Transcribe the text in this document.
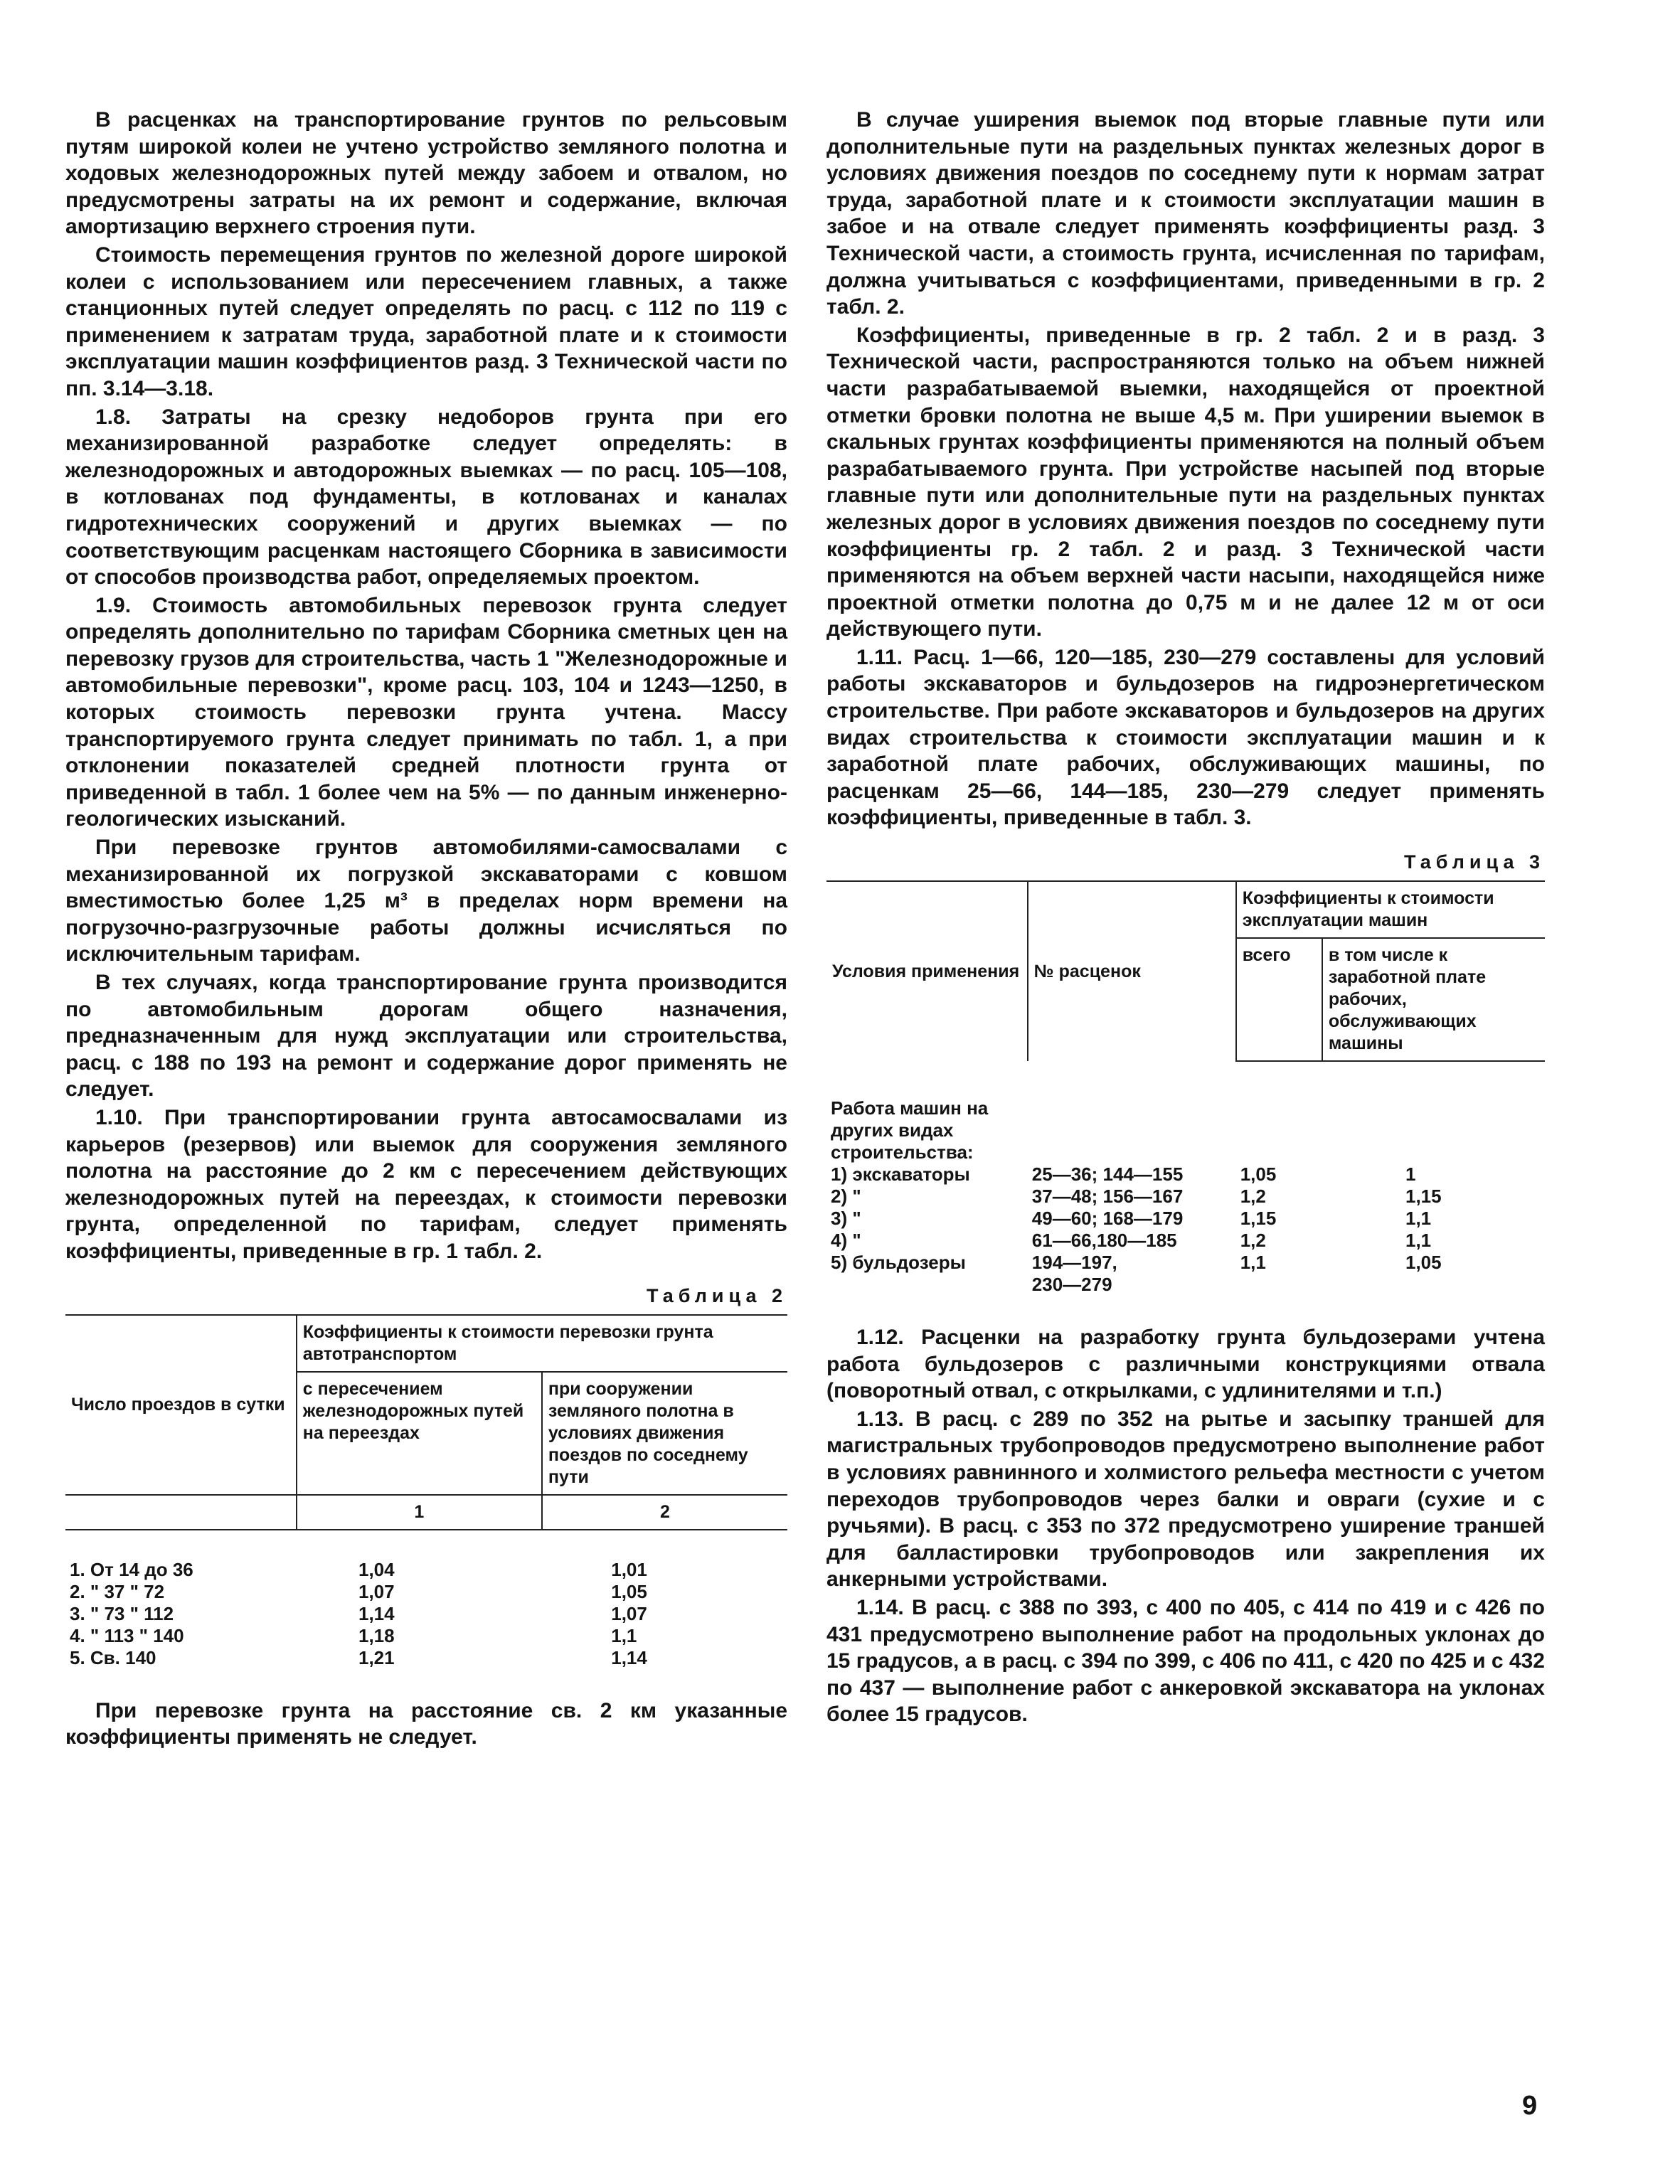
В расценках на транспортирование грунтов по рельсовым путям широкой колеи не учтено устройство земляного полотна и ходовых железнодорожных путей между забоем и отвалом, но предусмотрены затраты на их ремонт и содержание, включая амортизацию верхнего строения пути.

Стоимость перемещения грунтов по железной дороге широкой колеи с использованием или пересечением главных, а также станционных путей следует определять по расц. с 112 по 119 с применением к затратам труда, заработной плате и к стоимости эксплуатации машин коэффициентов разд. 3 Технической части по пп. 3.14—3.18.

1.8. Затраты на срезку недоборов грунта при его механизированной разработке следует определять: в железнодорожных и автодорожных выемках — по расц. 105—108, в котлованах под фундаменты, в котлованах и каналах гидротехнических сооружений и других выемках — по соответствующим расценкам настоящего Сборника в зависимости от способов производства работ, определяемых проектом.

1.9. Стоимость автомобильных перевозок грунта следует определять дополнительно по тарифам Сборника сметных цен на перевозку грузов для строительства, часть 1 "Железнодорожные и автомобильные перевозки", кроме расц. 103, 104 и 1243—1250, в которых стоимость перевозки грунта учтена. Массу транспортируемого грунта следует принимать по табл. 1, а при отклонении показателей средней плотности грунта от приведенной в табл. 1 более чем на 5% — по данным инженерно-геологических изысканий.

При перевозке грунтов автомобилями-самосвалами с механизированной их погрузкой экскаваторами с ковшом вместимостью более 1,25 м³ в пределах норм времени на погрузочно-разгрузочные работы должны исчисляться по исключительным тарифам.

В тех случаях, когда транспортирование грунта производится по автомобильным дорогам общего назначения, предназначенным для нужд эксплуатации или строительства, расц. с 188 по 193 на ремонт и содержание дорог применять не следует.

1.10. При транспортировании грунта автосамосвалами из карьеров (резервов) или выемок для сооружения земляного полотна на расстояние до 2 км с пересечением действующих железнодорожных путей на переездах, к стоимости перевозки грунта, определенной по тарифам, следует применять коэффициенты, приведенные в гр. 1 табл. 2.

Таблица 2
Число проездов в сутки	Коэффициенты к стоимости перевозки грунта автотранспортом	
	с пересечением железнодорожных путей на переездах	при сооружении земляного полотна в условиях движения поездов по соседнему пути
	1	2
1. От 14 до 36	1,04	1,01
2. " 37 " 72	1,07	1,05
3. " 73 " 112	1,14	1,07
4. " 113 " 140	1,18	1,1
5. Св. 140	1,21	1,14

При перевозке грунта на расстояние св. 2 км указанные коэффициенты применять не следует.

В случае уширения выемок под вторые главные пути или дополнительные пути на раздельных пунктах железных дорог в условиях движения поездов по соседнему пути к нормам затрат труда, заработной плате и к стоимости эксплуатации машин в забое и на отвале следует применять коэффициенты разд. 3 Технической части, а стоимость грунта, исчисленная по тарифам, должна учитываться с коэффициентами, приведенными в гр. 2 табл. 2.

Коэффициенты, приведенные в гр. 2 табл. 2 и в разд. 3 Технической части, распространяются только на объем нижней части разрабатываемой выемки, находящейся от проектной отметки бровки полотна не выше 4,5 м. При уширении выемок в скальных грунтах коэффициенты применяются на полный объем разрабатываемого грунта. При устройстве насыпей под вторые главные пути или дополнительные пути на раздельных пунктах железных дорог в условиях движения поездов по соседнему пути коэффициенты гр. 2 табл. 2 и разд. 3 Технической части применяются на объем верхней части насыпи, находящейся ниже проектной отметки полотна до 0,75 м и не далее 12 м от оси действующего пути.

1.11. Расц. 1—66, 120—185, 230—279 составлены для условий работы экскаваторов и бульдозеров на гидроэнергетическом строительстве. При работе экскаваторов и бульдозеров на других видах строительства к стоимости эксплуатации машин и к заработной плате рабочих, обслуживающих машины, по расценкам 25—66, 144—185, 230—279 следует применять коэффициенты, приведенные в табл. 3.

Таблица 3
Условия применения	№ расценок	Коэффициенты к стоимости эксплуатации машин	
		всего	в том числе к заработной плате рабочих, обслуживающих машины
Работа машин на других видах строительства:			

1) экскаваторы	25—36; 144—155	1,05	1
2) "	37—48; 156—167	1,2	1,15
3) "	49—60; 168—179	1,15	1,1
4) "	61—66,180—185	1,2	1,1
5) бульдозеры	194—197, 230—279	1,1	1,05

1.12. Расценки на разработку грунта бульдозерами учтена работа бульдозеров с различными конструкциями отвала (поворотный отвал, с открылками, с удлинителями и т.п.)

1.13. В расц. с 289 по 352 на рытье и засыпку траншей для магистральных трубопроводов предусмотрено выполнение работ в условиях равнинного и холмистого рельефа местности с учетом переходов трубопроводов через балки и овраги (сухие и с ручьями). В расц. с 353 по 372 предусмотрено уширение траншей для балластировки трубопроводов или закрепления их анкерными устройствами.

1.14. В расц. с 388 по 393, с 400 по 405, с 414 по 419 и с 426 по 431 предусмотрено выполнение работ на продольных уклонах до 15 градусов, а в расц. с 394 по 399, с 406 по 411, с 420 по 425 и с 432 по 437 — выполнение работ с анкеровкой экскаватора на уклонах более 15 градусов.

9
